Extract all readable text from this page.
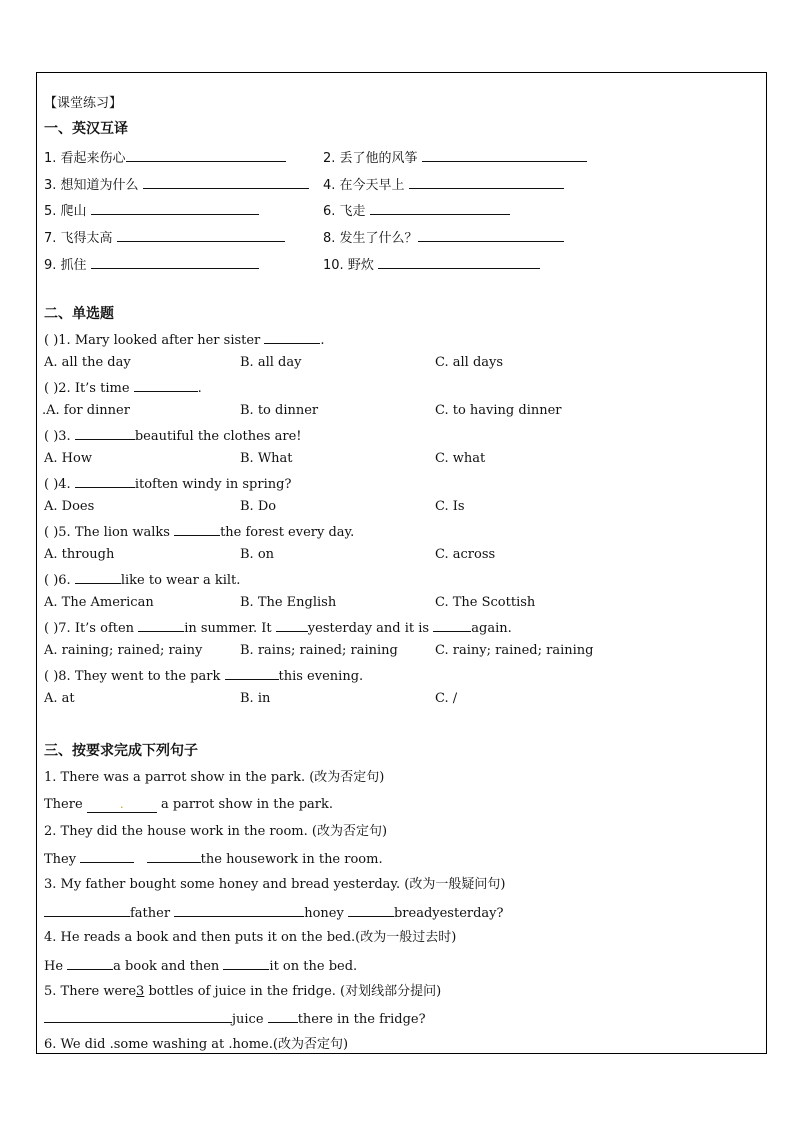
【课堂练习】
一、英汉互译
1. 看起来伤心	2. 丢了他的风筝
3. 想知道为什么	4. 在今天早上
5. 爬山	6. 飞走
7. 飞得太高	8. 发生了什么？
9. 抓住	10. 野炊
二、单选题
( )1. Mary looked after her sister	.
A. all the day	B. all day	C. all days
( )2. It’s time	.
.A. for dinner	B. to dinner	C. to having dinner
( )3.	beautiful the clothes are!
A. How	B. What	C. what
( )4.	itoften windy in spring?
A. Does	B. Do	C. Is
( )5. The lion walks	the forest every day.
A. through	B. on	C. across
( )6.	like to wear a kilt.
A. The American	B. The English	C. The Scottish
( )7. It’s often	in summer. It	yesterday and it is	again.
A. raining; rained; rainy	B. rains; rained; raining	C. rainy; rained; raining
( )8. They went to the park	this evening.
A. at	B. in	C. /
三、按要求完成下列句子
1. There was a parrot show in the park. (改为否定句)
There	.	a parrot show in the park.
2. They did the house work in the room. (改为否定句)
They	the housework in the room.
3. My father bought some honey and bread yesterday. (改为一般疑问句)
father	honey	breadyesterday?
4. He reads a book and then puts it on the bed.(改为一般过去时)
He	a book and then	it on the bed.
5. There were3 bottles of juice in the fridge. (对划线部分提问)
juice	there in the fridge?
6. We did .some washing at .home.(改为否定句)
